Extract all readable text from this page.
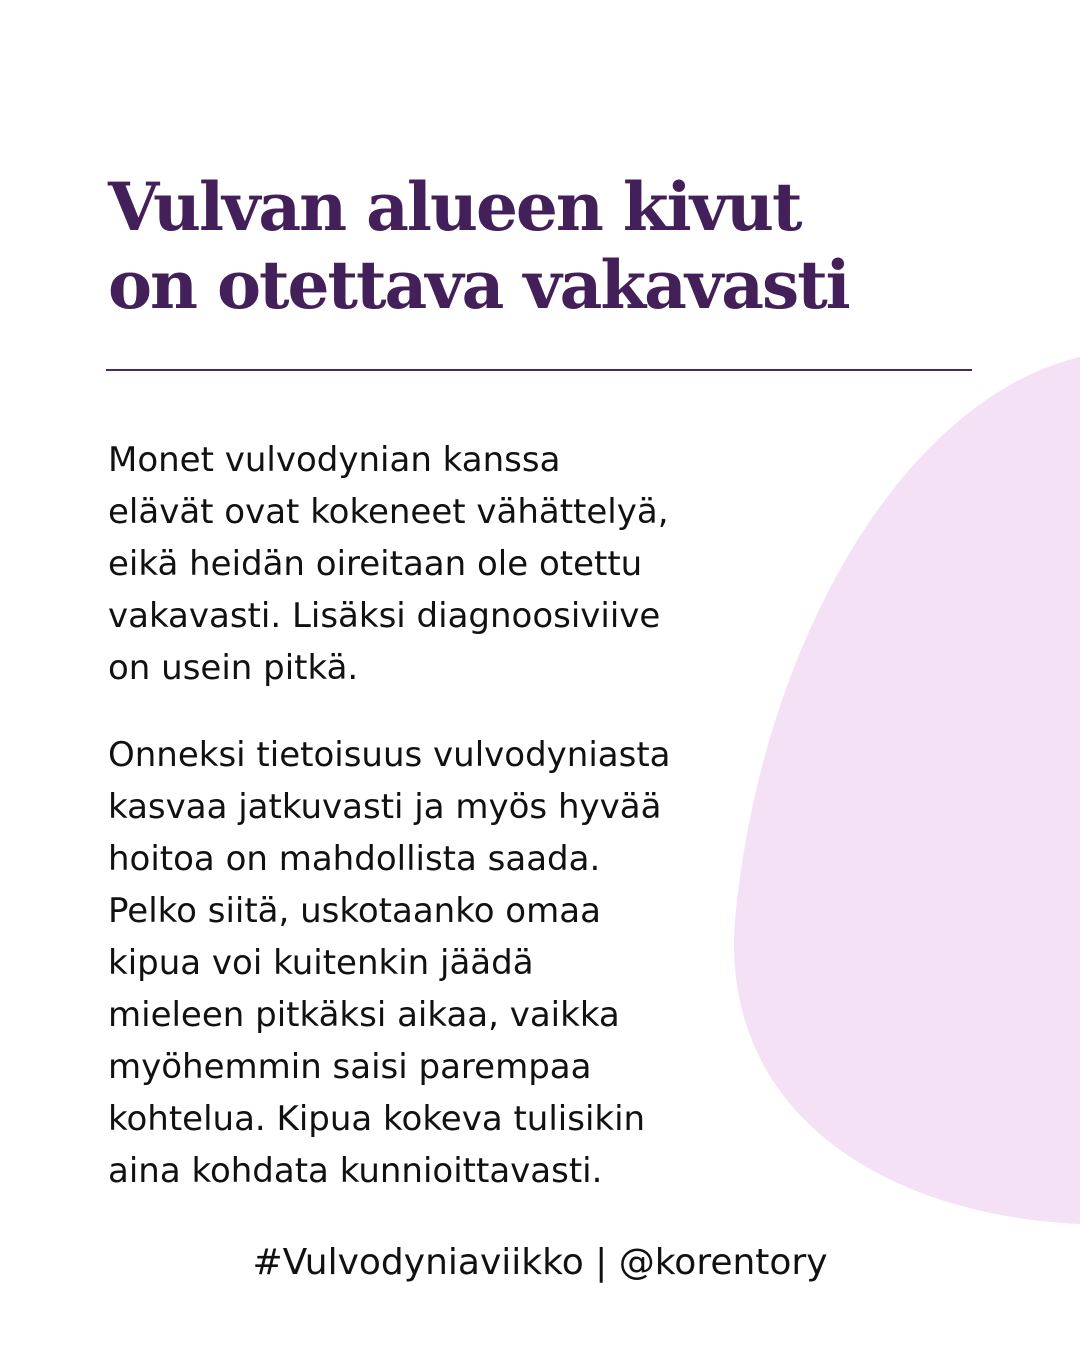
Vulvan alueen kivut
on otettava vakavasti

Monet vulvodynian kanssa
elävät ovat kokeneet vähättelyä,
eikä heidän oireitaan ole otettu
vakavasti. Lisäksi diagnoosiviive
on usein pitkä.

Onneksi tietoisuus vulvodyniasta
kasvaa jatkuvasti ja myös hyvää
hoitoa on mahdollista saada.
Pelko siitä, uskotaanko omaa
kipua voi kuitenkin jäädä
mieleen pitkäksi aikaa, vaikka
myöhemmin saisi parempaa
kohtelua. Kipua kokeva tulisikin
aina kohdata kunnioittavasti.

#Vulvodyniaviikko | @korentory
